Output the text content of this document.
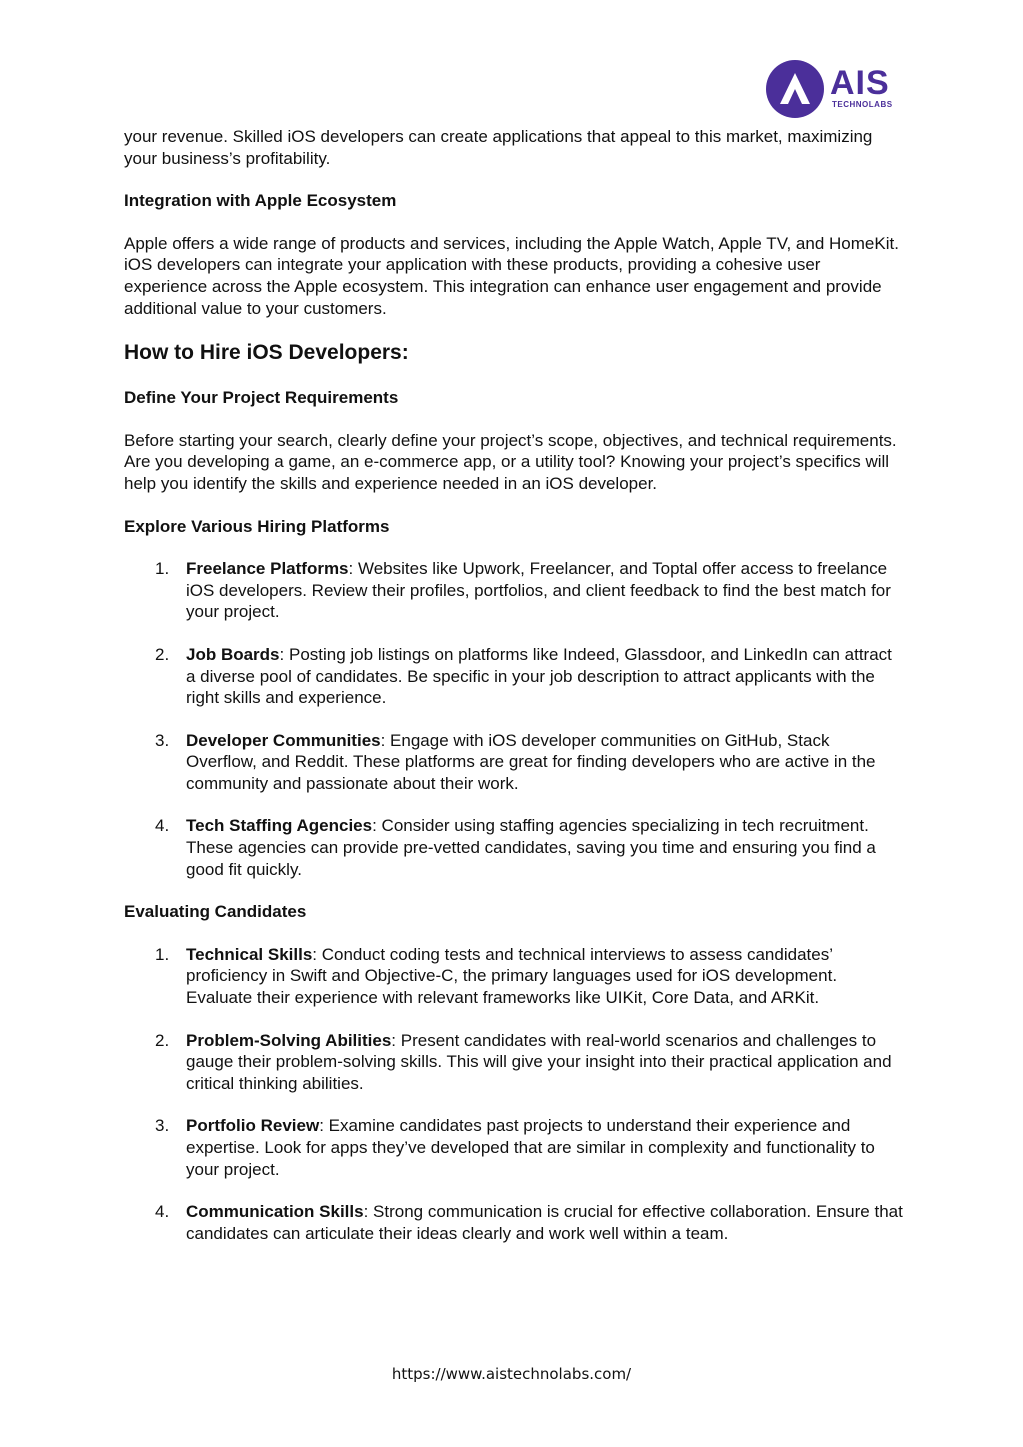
AIS
TECHNOLABS

your revenue. Skilled iOS developers can create applications that appeal to this market, maximizing your business’s profitability.

Integration with Apple Ecosystem

Apple offers a wide range of products and services, including the Apple Watch, Apple TV, and HomeKit. iOS developers can integrate your application with these products, providing a cohesive user experience across the Apple ecosystem. This integration can enhance user engagement and provide additional value to your customers.

How to Hire iOS Developers:
Define Your Project Requirements

Before starting your search, clearly define your project’s scope, objectives, and technical requirements. Are you developing a game, an e-commerce app, or a utility tool? Knowing your project’s specifics will help you identify the skills and experience needed in an iOS developer.

Explore Various Hiring Platforms
1. Freelance Platforms: Websites like Upwork, Freelancer, and Toptal offer access to freelance iOS developers. Review their profiles, portfolios, and client feedback to find the best match for your project.
2. Job Boards: Posting job listings on platforms like Indeed, Glassdoor, and LinkedIn can attract a diverse pool of candidates. Be specific in your job description to attract applicants with the right skills and experience.
3. Developer Communities: Engage with iOS developer communities on GitHub, Stack Overflow, and Reddit. These platforms are great for finding developers who are active in the community and passionate about their work.
4. Tech Staffing Agencies: Consider using staffing agencies specializing in tech recruitment. These agencies can provide pre-vetted candidates, saving you time and ensuring you find a good fit quickly.
Evaluating Candidates
1. Technical Skills: Conduct coding tests and technical interviews to assess candidates’ proficiency in Swift and Objective-C, the primary languages used for iOS development. Evaluate their experience with relevant frameworks like UIKit, Core Data, and ARKit.
2. Problem-Solving Abilities: Present candidates with real-world scenarios and challenges to gauge their problem-solving skills. This will give your insight into their practical application and critical thinking abilities.
3. Portfolio Review: Examine candidates past projects to understand their experience and expertise. Look for apps they’ve developed that are similar in complexity and functionality to your project.
4. Communication Skills: Strong communication is crucial for effective collaboration. Ensure that candidates can articulate their ideas clearly and work well within a team.
https://www.aistechnolabs.com/
